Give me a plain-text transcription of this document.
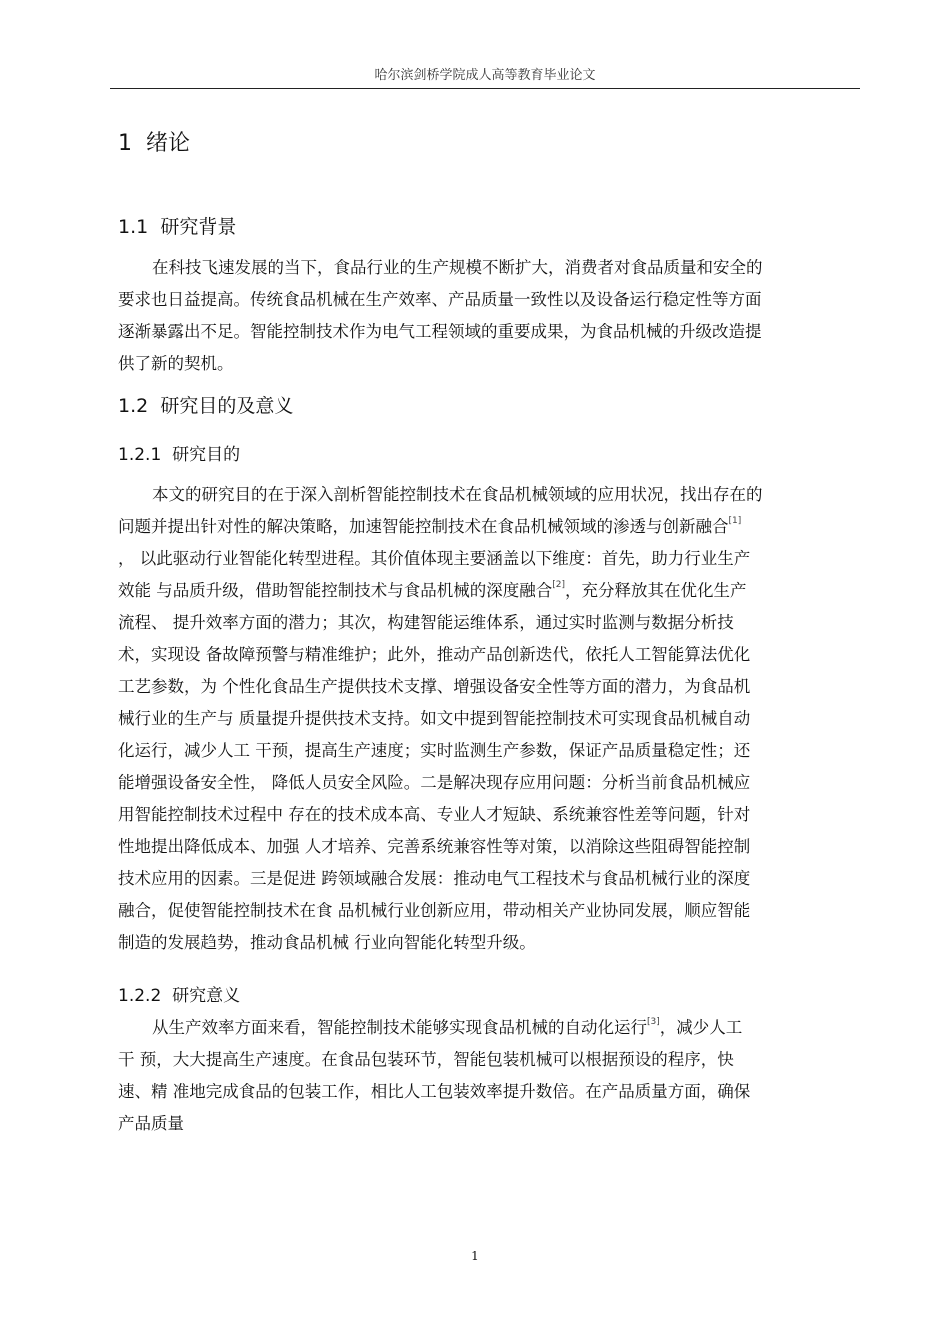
哈尔滨剑桥学院成人高等教育毕业论文
1 绪论
1.1 研究背景
在科技飞速发展的当下，食品行业的生产规模不断扩大，消费者对食品质量和安全的
要求也日益提高。传统食品机械在生产效率、产品质量一致性以及设备运行稳定性等方面
逐渐暴露出不足。智能控制技术作为电气工程领域的重要成果，为食品机械的升级改造提
供了新的契机。
1.2 研究目的及意义
1.2.1 研究目的
本文的研究目的在于深入剖析智能控制技术在食品机械领域的应用状况，找出存在的
问题并提出针对性的解决策略，加速智能控制技术在食品机械领域的渗透与创新融合[1]
， 以此驱动行业智能化转型进程。其价值体现主要涵盖以下维度：首先，助力行业生产
效能 与品质升级，借助智能控制技术与食品机械的深度融合[2]，充分释放其在优化生产
流程、 提升效率方面的潜力；其次，构建智能运维体系，通过实时监测与数据分析技
术，实现设 备故障预警与精准维护；此外，推动产品创新迭代，依托人工智能算法优化
工艺参数，为 个性化食品生产提供技术支撑、增强设备安全性等方面的潜力，为食品机
械行业的生产与 质量提升提供技术支持。如文中提到智能控制技术可实现食品机械自动
化运行，减少人工 干预，提高生产速度；实时监测生产参数，保证产品质量稳定性；还
能增强设备安全性， 降低人员安全风险。二是解决现存应用问题：分析当前食品机械应
用智能控制技术过程中 存在的技术成本高、专业人才短缺、系统兼容性差等问题，针对
性地提出降低成本、加强 人才培养、完善系统兼容性等对策，以消除这些阻碍智能控制
技术应用的因素。三是促进 跨领域融合发展：推动电气工程技术与食品机械行业的深度
融合，促使智能控制技术在食 品机械行业创新应用，带动相关产业协同发展，顺应智能
制造的发展趋势，推动食品机械 行业向智能化转型升级。
1.2.2 研究意义
从生产效率方面来看，智能控制技术能够实现食品机械的自动化运行[3]，减少人工
干 预，大大提高生产速度。在食品包装环节，智能包装机械可以根据预设的程序，快
速、精 准地完成食品的包装工作，相比人工包装效率提升数倍。在产品质量方面，确保
产品质量
1
